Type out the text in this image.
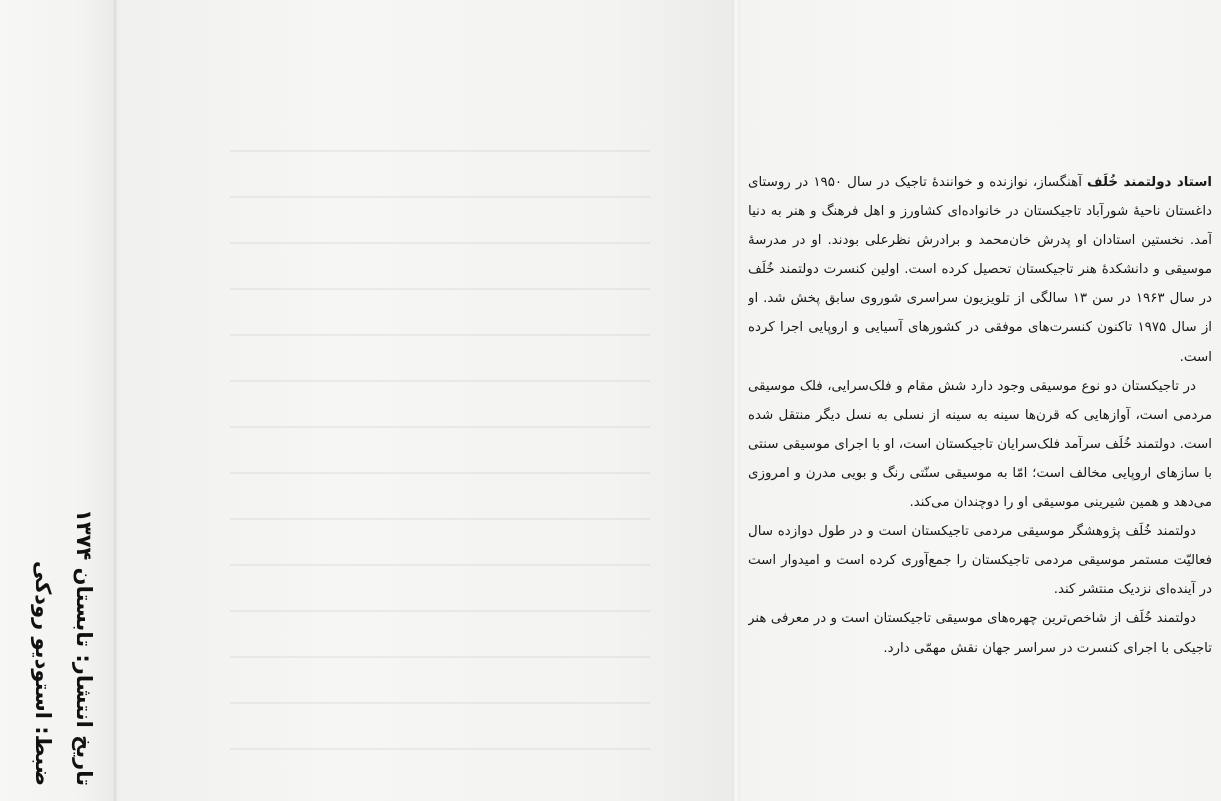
تاریخ انتشار: تابستان ۱۳۷۴
ضبط: استودیو رودکی

استاد دولتمند خُلَف آهنگساز، نوازنده و خوانندهٔ تاجیک در سال ۱۹۵۰ در روستای داغستان ناحیهٔ شورآباد تاجیکستان در خانواده‌ای کشاورز و اهل فرهنگ و هنر به دنیا آمد. نخستین استادان او پدرش خان‌محمد و برادرش نظرعلی بودند. او در مدرسهٔ موسیقی و دانشکدهٔ هنر تاجیکستان تحصیل کرده است. اولین کنسرت دولتمند خُلَف در سال ۱۹۶۳ در سن ۱۳ سالگی از تلویزیون سراسری شوروی سابق پخش شد. او از سال ۱۹۷۵ تاکنون کنسرت‌های موفقی در کشورهای آسیایی و اروپایی اجرا کرده است.

در تاجیکستان دو نوع موسیقی وجود دارد شش مقام و فلک‌سرایی، فلک موسیقی مردمی است، آوازهایی که قرن‌ها سینه به سینه از نسلی به نسل دیگر منتقل شده است. دولتمند خُلَف سرآمد فلک‌سرایان تاجیکستان است، او با اجرای موسیقی سنتی با سازهای اروپایی مخالف است؛ امّا به موسیقی سنّتی رنگ و بویی مدرن و امروزی می‌دهد و همین شیرینی موسیقی او را دوچندان می‌کند.

دولتمند خُلَف پژوهشگر موسیقی مردمی تاجیکستان است و در طول دوازده سال فعالیّت مستمر موسیقی مردمی تاجیکستان را جمع‌آوری کرده است و امیدوار است در آینده‌ای نزدیک منتشر کند.

دولتمند خُلَف از شاخص‌ترین چهره‌های موسیقی تاجیکستان است و در معرفی هنر تاجیکی با اجرای کنسرت در سراسر جهان نقش مهمّی دارد.
